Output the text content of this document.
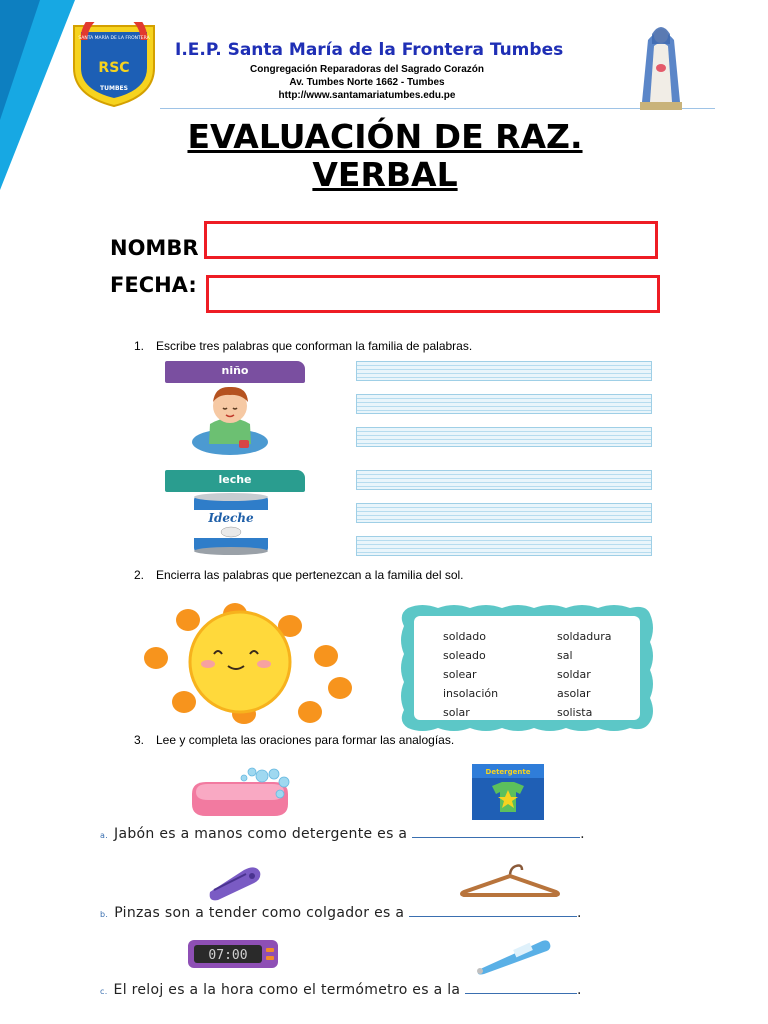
SANTA MARÍA DE LA FRONTERA
RSC
TUMBES
I.E.P. Santa María de la Frontera Tumbes
Congregación Reparadoras del Sagrado Corazón
Av. Tumbes Norte 1662 - Tumbes
http://www.santamariatumbes.edu.pe
EVALUACIÓN DE RAZ.
VERBAL
NOMBR
FECHA:
1. Escribe tres palabras que conforman la familia de palabras.
niño
leche
Ideche
2. Encierra las palabras que pertenezcan a la familia del sol.
soldado
soleado
solear
insolación
solar
soldadura
sal
soldar
asolar
solista
3. Lee y completa las oraciones para formar las analogías.
Detergente
a. Jabón es a manos como detergente es a	.
b. Pinzas son a tender como colgador es a	.
07:00
c. El reloj es a la hora como el termómetro es a la	.
